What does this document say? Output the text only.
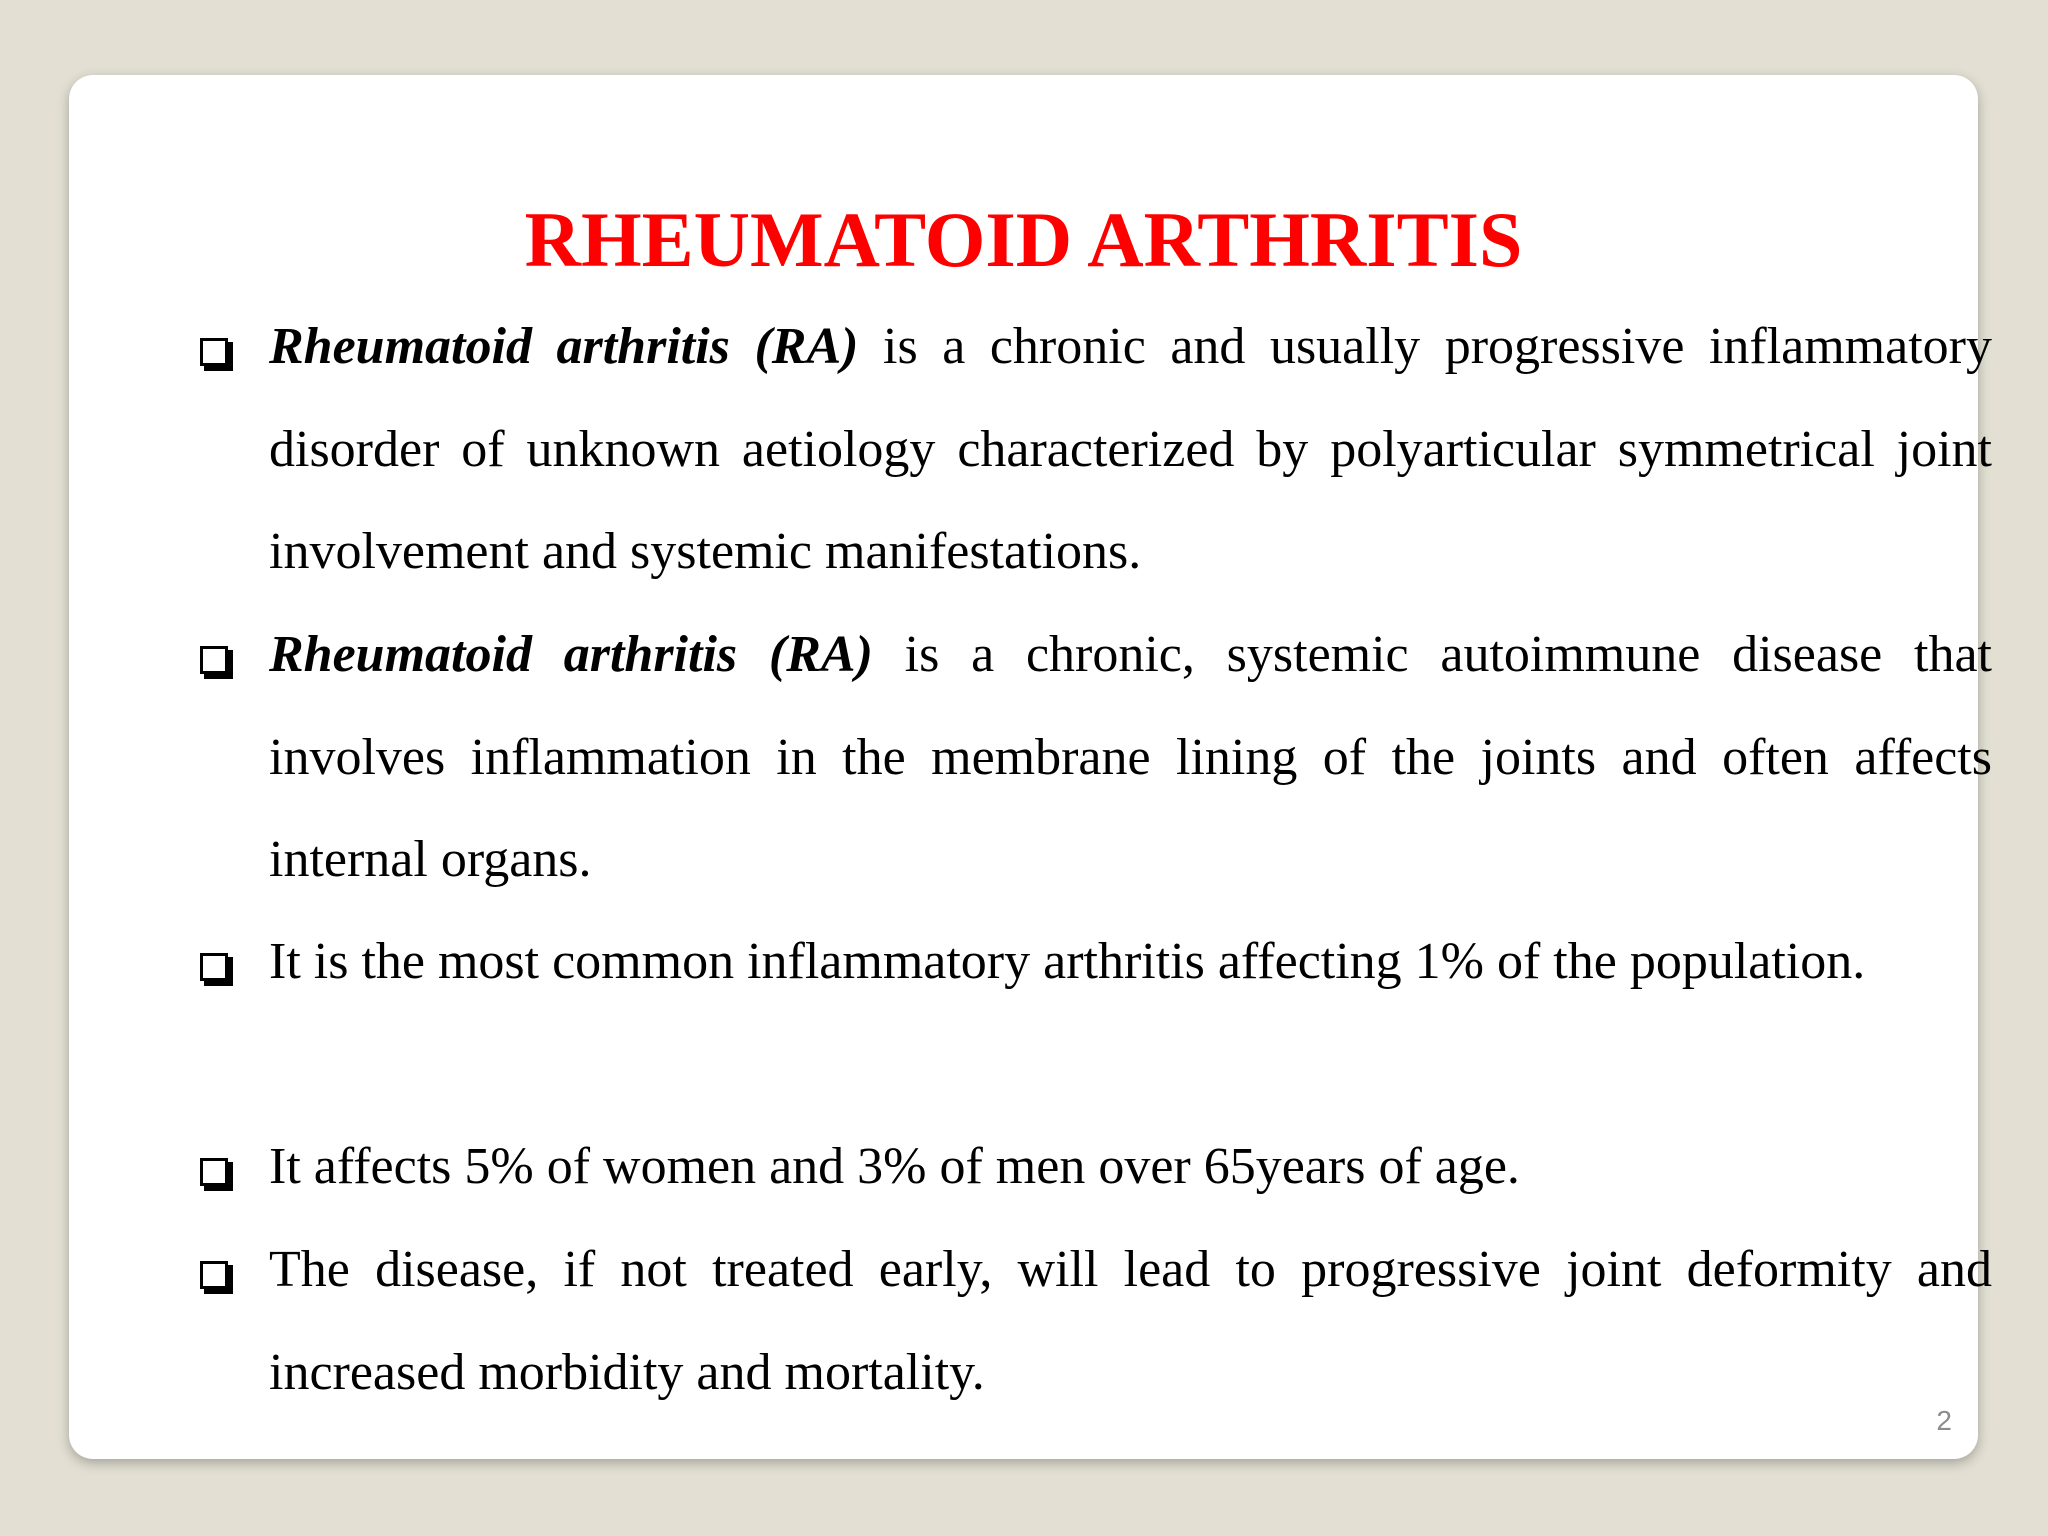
RHEUMATOID ARTHRITIS

Rheumatoid arthritis (RA) is a chronic and usually progressive inflammatory disorder of unknown aetiology characterized by polyarticular symmetrical joint involvement and systemic manifestations.

Rheumatoid arthritis (RA) is a chronic, systemic autoimmune disease that involves inflammation in the membrane lining of the joints and often affects internal organs.

It is the most common inflammatory arthritis affecting 1% of the population.

It affects 5% of women and 3% of men over 65years of age.

The disease, if not treated early, will lead to progressive joint deformity and increased morbidity and mortality.

2
